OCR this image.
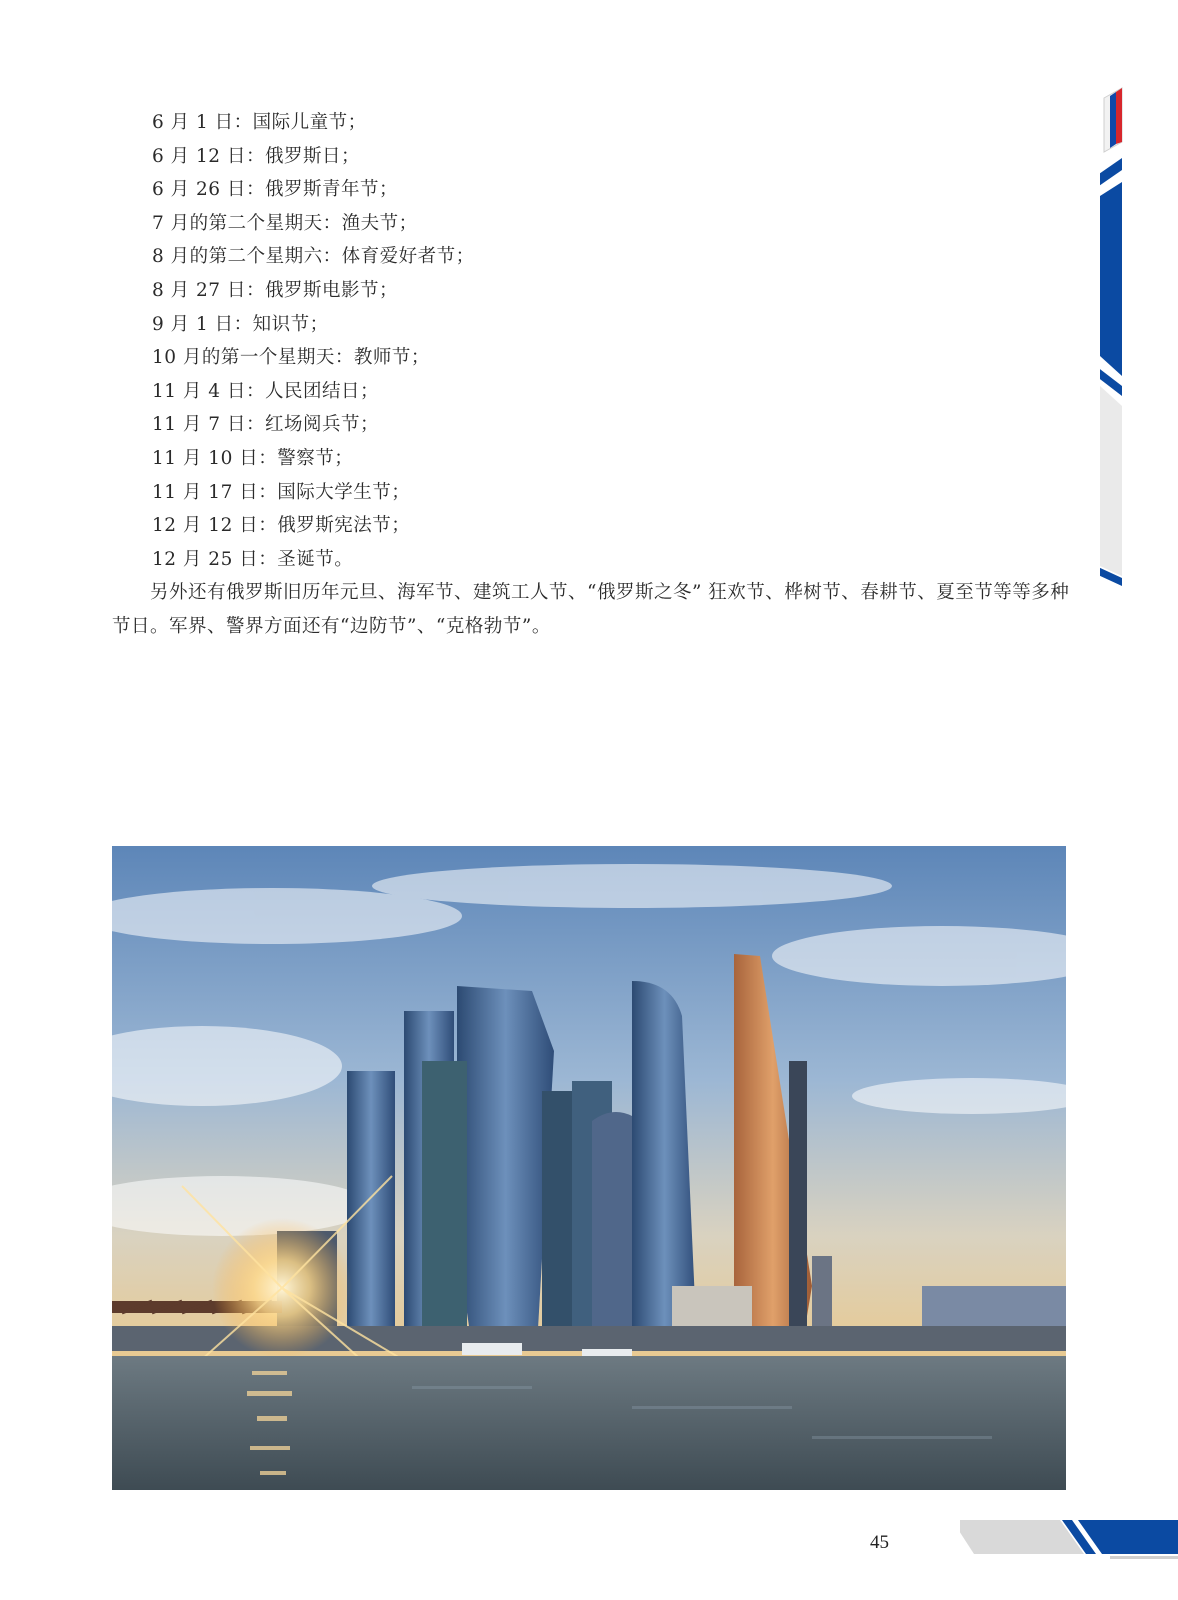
6 月 1 日：国际儿童节；
6 月 12 日：俄罗斯日；
6 月 26 日：俄罗斯青年节；
7 月的第二个星期天：渔夫节；
8 月的第二个星期六：体育爱好者节；
8 月 27 日：俄罗斯电影节；
9 月 1 日：知识节；
10 月的第一个星期天：教师节；
11 月 4 日：人民团结日；
11 月 7 日：红场阅兵节；
11 月 10 日：警察节；
11 月 17 日：国际大学生节；
12 月 12 日：俄罗斯宪法节；
12 月 25 日：圣诞节。

另外还有俄罗斯旧历年元旦、海军节、建筑工人节、“俄罗斯之冬” 狂欢节、桦树节、春耕节、夏至节等等多种节日。军界、警界方面还有“边防节”、“克格勃节”。

45
